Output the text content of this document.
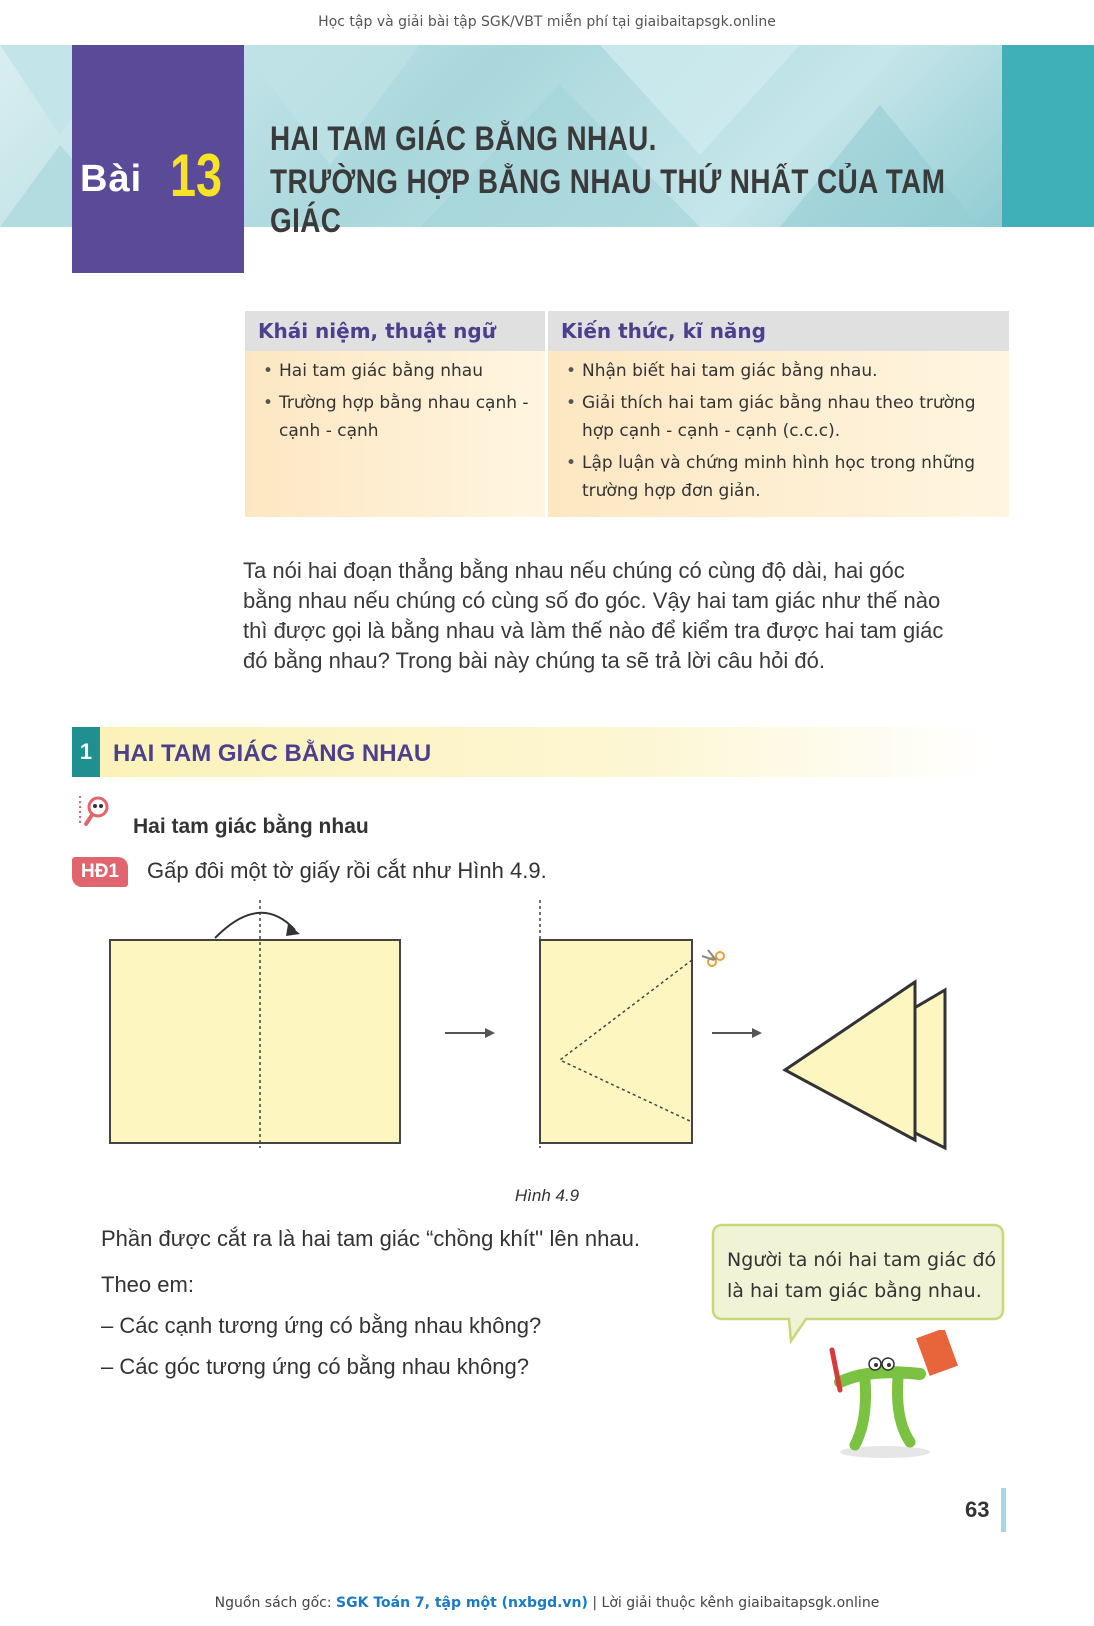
Học tập và giải bài tập SGK/VBT miễn phí tại giaibaitapsgk.online
Bài 13
HAI TAM GIÁC BẰNG NHAU.
TRƯỜNG HỢP BẰNG NHAU THỨ NHẤT CỦA TAM GIÁC
Khái niệm, thuật ngữ
• Hai tam giác bằng nhau
• Trường hợp bằng nhau cạnh - cạnh - cạnh
Kiến thức, kĩ năng
• Nhận biết hai tam giác bằng nhau.
• Giải thích hai tam giác bằng nhau theo trường hợp cạnh - cạnh - cạnh (c.c.c).
• Lập luận và chứng minh hình học trong những trường hợp đơn giản.
Ta nói hai đoạn thẳng bằng nhau nếu chúng có cùng độ dài, hai góc
bằng nhau nếu chúng có cùng số đo góc. Vậy hai tam giác như thế nào
thì được gọi là bằng nhau và làm thế nào để kiểm tra được hai tam giác
đó bằng nhau? Trong bài này chúng ta sẽ trả lời câu hỏi đó.
1 HAI TAM GIÁC BẰNG NHAU
Hai tam giác bằng nhau
HĐ1	Gấp đôi một tờ giấy rồi cắt như Hình 4.9.
Hình 4.9
Phần được cắt ra là hai tam giác “chồng khít'' lên nhau.
Theo em:
– Các cạnh tương ứng có bằng nhau không?
– Các góc tương ứng có bằng nhau không?
Người ta nói hai tam giác đó
là hai tam giác bằng nhau.
63
Nguồn sách gốc: SGK Toán 7, tập một (nxbgd.vn) | Lời giải thuộc kênh giaibaitapsgk.online
